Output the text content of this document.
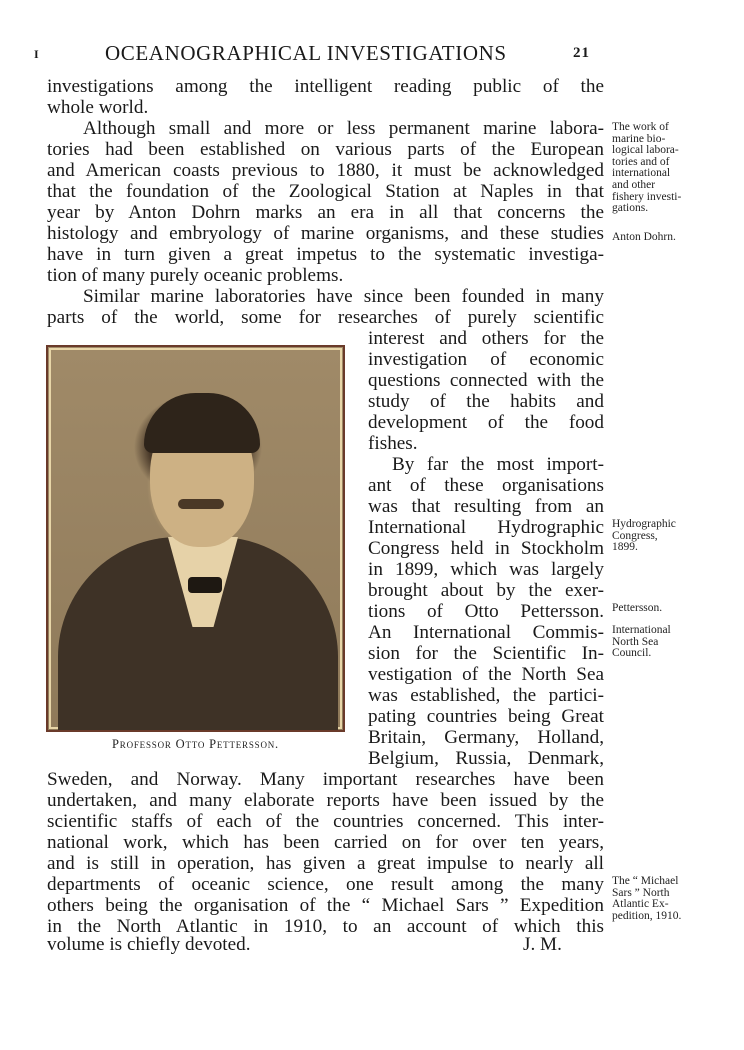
I	OCEANOGRAPHICAL INVESTIGATIONS	21
investigations among the intelligent reading public of the
whole world.
Although small and more or less permanent marine labora-
tories had been established on various parts of the European
and American coasts previous to 1880, it must be acknowledged
that the foundation of the Zoological Station at Naples in that
year by Anton Dohrn marks an era in all that concerns the
histology and embryology of marine organisms, and these studies
have in turn given a great impetus to the systematic investiga-
tion of many purely oceanic problems.
Similar marine laboratories have since been founded in many
parts of the world, some for researches of purely scientific
interest and others for the
investigation of economic
questions connected with the
study of the habits and
development of the food
fishes.
By far the most import-
ant of these organisations
was that resulting from an
International Hydrographic
Congress held in Stockholm
in 1899, which was largely
brought about by the exer-
tions of Otto Pettersson.
An International Commis-
sion for the Scientific In-
vestigation of the North Sea
was established, the partici-
pating countries being Great
Britain, Germany, Holland,
Belgium, Russia, Denmark,
Sweden, and Norway. Many important researches have been
undertaken, and many elaborate reports have been issued by the
scientific staffs of each of the countries concerned. This inter-
national work, which has been carried on for over ten years,
and is still in operation, has given a great impulse to nearly all
departments of oceanic science, one result among the many
others being the organisation of the “ Michael Sars ” Expedition
in the North Atlantic in 1910, to an account of which this
volume is chiefly devoted.	J. M.
Professor Otto Pettersson.
The work of
marine bio-
logical labora-
tories and of
international
and other
fishery investi-
gations.
Anton Dohrn.
Hydrographic
Congress,
1899.
Pettersson.
International
North Sea
Council.
The “ Michael
Sars ” North
Atlantic Ex-
pedition, 1910.
